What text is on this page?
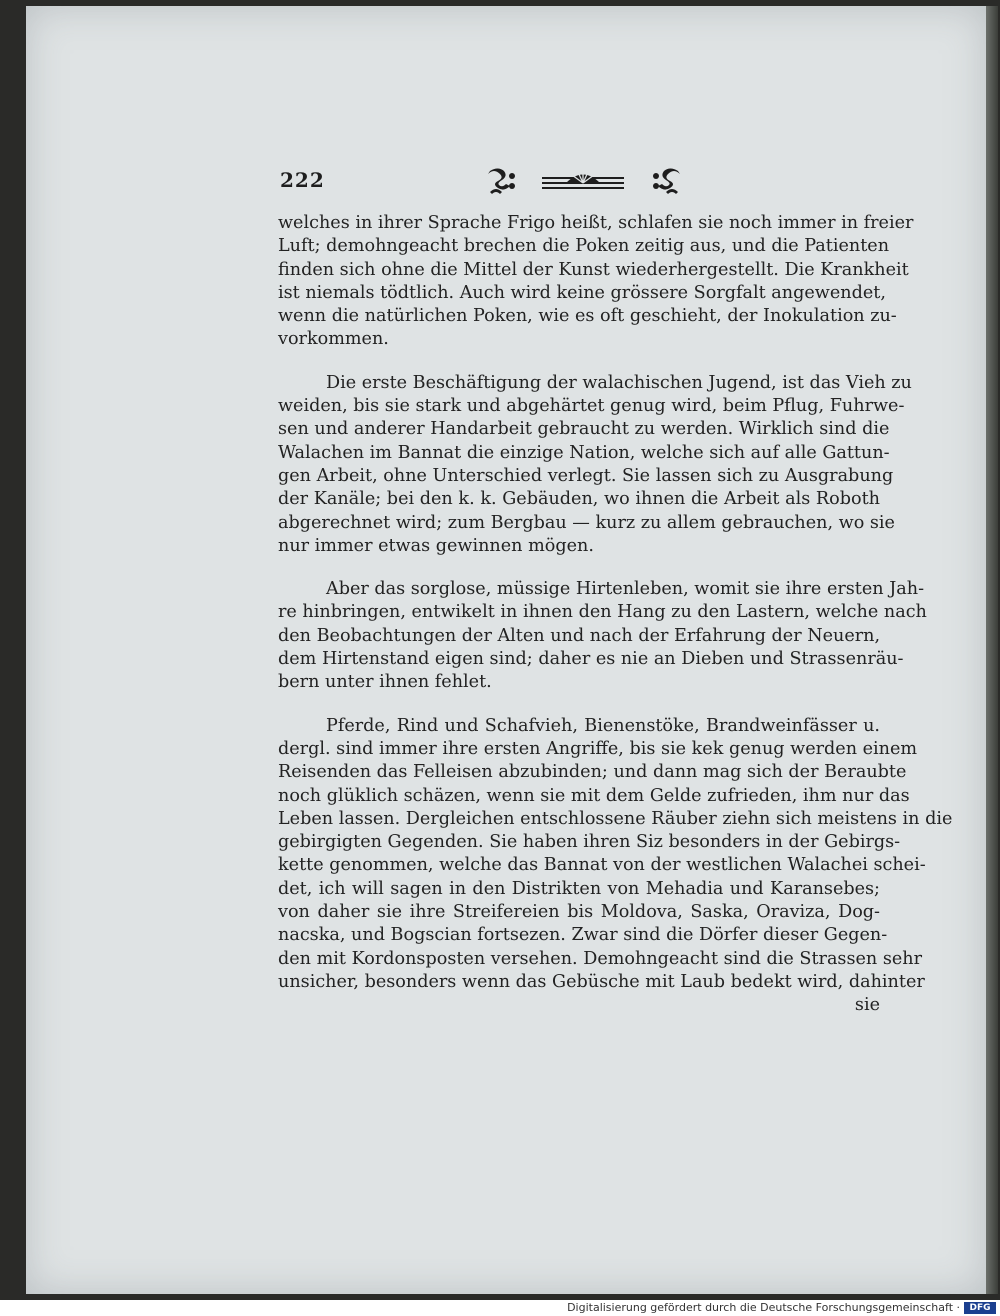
222
welches in ihrer Sprache Frigo heißt, schlafen sie noch immer in freier
Luft; demohngeacht brechen die Poken zeitig aus, und die Patienten
finden sich ohne die Mittel der Kunst wiederhergestellt. Die Krankheit
ist niemals tödtlich. Auch wird keine grössere Sorgfalt angewendet,
wenn die natürlichen Poken, wie es oft geschieht, der Inokulation zu-
vorkommen.
Die erste Beschäftigung der walachischen Jugend, ist das Vieh zu
weiden, bis sie stark und abgehärtet genug wird, beim Pflug, Fuhrwe-
sen und anderer Handarbeit gebraucht zu werden. Wirklich sind die
Walachen im Bannat die einzige Nation, welche sich auf alle Gattun-
gen Arbeit, ohne Unterschied verlegt. Sie lassen sich zu Ausgrabung
der Kanäle; bei den k. k. Gebäuden, wo ihnen die Arbeit als Roboth
abgerechnet wird; zum Bergbau — kurz zu allem gebrauchen, wo sie
nur immer etwas gewinnen mögen.
Aber das sorglose, müssige Hirtenleben, womit sie ihre ersten Jah-
re hinbringen, entwikelt in ihnen den Hang zu den Lastern, welche nach
den Beobachtungen der Alten und nach der Erfahrung der Neuern,
dem Hirtenstand eigen sind; daher es nie an Dieben und Strassenräu-
bern unter ihnen fehlet.
Pferde, Rind und Schafvieh, Bienenstöke, Brandweinfässer u.
dergl. sind immer ihre ersten Angriffe, bis sie kek genug werden einem
Reisenden das Felleisen abzubinden; und dann mag sich der Beraubte
noch glüklich schäzen, wenn sie mit dem Gelde zufrieden, ihm nur das
Leben lassen. Dergleichen entschlossene Räuber ziehn sich meistens in die
gebirgigten Gegenden. Sie haben ihren Siz besonders in der Gebirgs-
kette genommen, welche das Bannat von der westlichen Walachei schei-
det, ich will sagen in den Distrikten von Mehadia und Karansebes;
von daher sie ihre Streifereien bis Moldova, Saska, Oraviza, Dog-
nacska, und Bogscian fortsezen. Zwar sind die Dörfer dieser Gegen-
den mit Kordonsposten versehen. Demohngeacht sind die Strassen sehr
unsicher, besonders wenn das Gebüsche mit Laub bedekt wird, dahinter
sie
Digitalisierung gefördert durch die Deutsche Forschungsgemeinschaft ·	DFG
